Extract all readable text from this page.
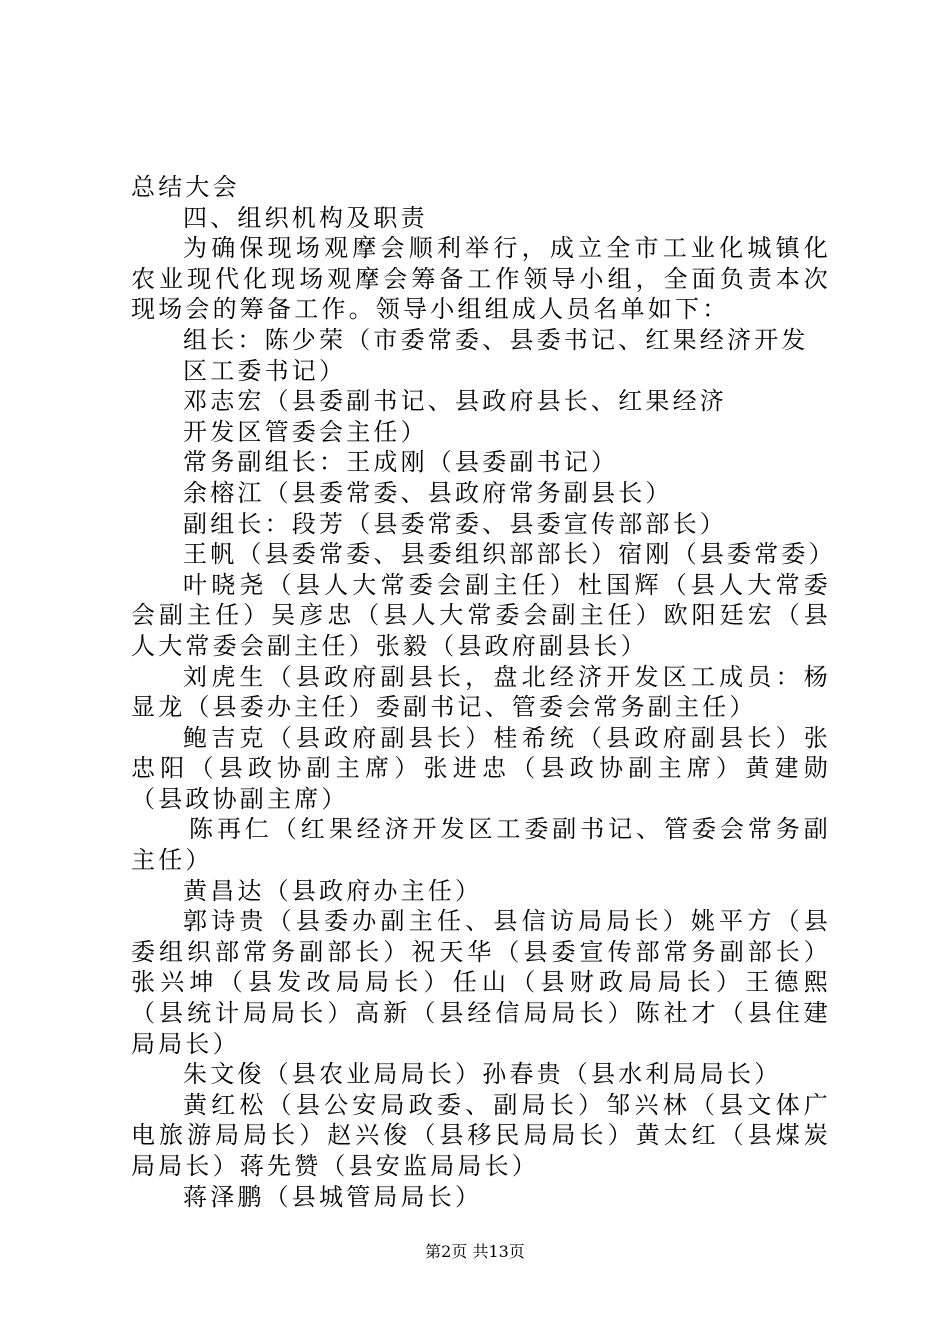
总结大会

四、组织机构及职责

为确保现场观摩会顺利举行，成立全市工业化城镇化农业现代化现场观摩会筹备工作领导小组，全面负责本次现场会的筹备工作。领导小组组成人员名单如下：

组长：陈少荣（市委常委、县委书记、红果经济开发

区工委书记）

邓志宏（县委副书记、县政府县长、红果经济

开发区管委会主任）

常务副组长：王成刚（县委副书记）

余榕江（县委常委、县政府常务副县长）

副组长：段芳（县委常委、县委宣传部部长）

王帆（县委常委、县委组织部部长）宿刚（县委常委）

叶晓尧（县人大常委会副主任）杜国辉（县人大常委会副主任）吴彦忠（县人大常委会副主任）欧阳廷宏（县人大常委会副主任）张毅（县政府副县长）

刘虎生（县政府副县长，盘北经济开发区工成员：杨显龙（县委办主任）委副书记、管委会常务副主任）

鲍吉克（县政府副县长）桂希统（县政府副县长）张忠阳（县政协副主席）张进忠（县政协副主席）黄建勋（县政协副主席）

陈再仁（红果经济开发区工委副书记、管委会常务副主任）

黄昌达（县政府办主任）

郭诗贵（县委办副主任、县信访局局长）姚平方（县委组织部常务副部长）祝天华（县委宣传部常务副部长）张兴坤（县发改局局长）任山（县财政局局长）王德熙（县统计局局长）高新（县经信局局长）陈社才（县住建局局长）

朱文俊（县农业局局长）孙春贵（县水利局局长）

黄红松（县公安局政委、副局长）邹兴林（县文体广电旅游局局长）赵兴俊（县移民局局长）黄太红（县煤炭局局长）蒋先赞（县安监局局长）

蒋泽鹏（县城管局局长）

第2页 共13页
